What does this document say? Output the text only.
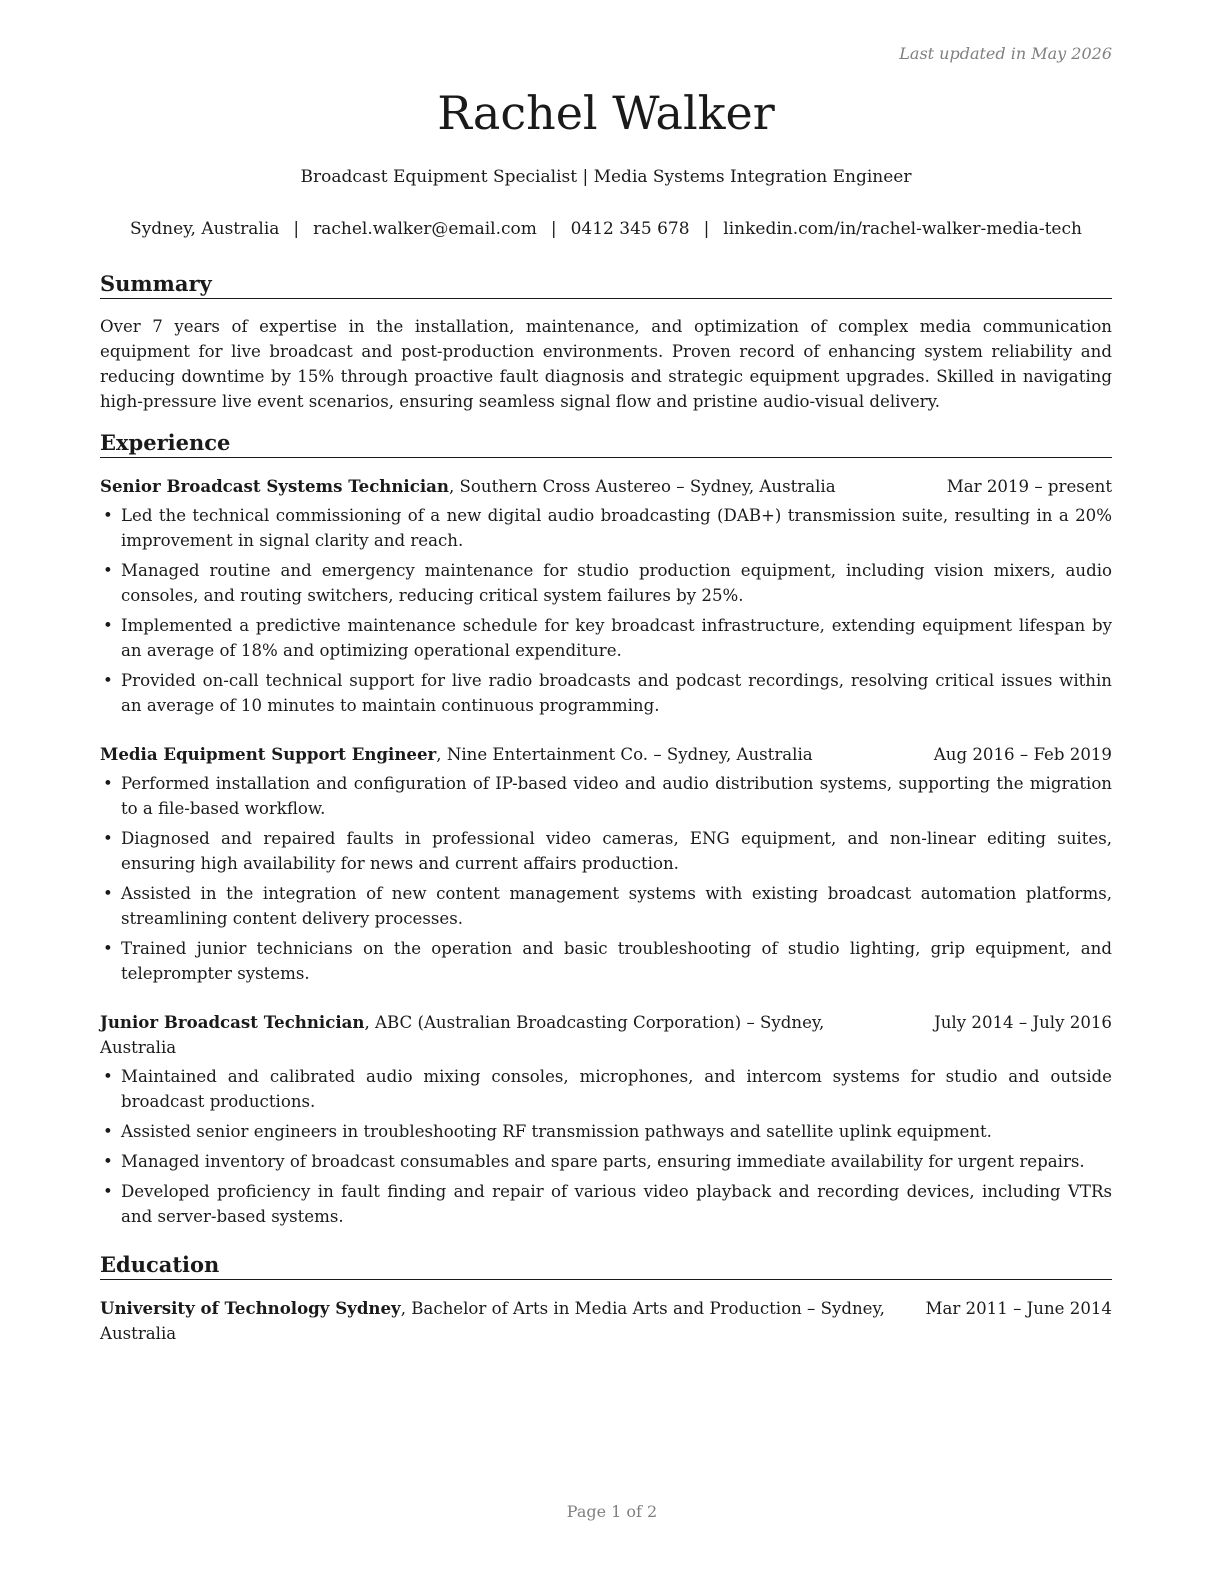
Last updated in May 2026
Rachel Walker
Broadcast Equipment Specialist | Media Systems Integration Engineer
Sydney, Australia | rachel.walker@email.com | 0412 345 678 | linkedin.com/in/rachel-walker-media-tech
Summary
Over 7 years of expertise in the installation, maintenance, and optimization of complex media communication equipment for live broadcast and post-production environments. Proven record of enhancing system reliability and reducing downtime by 15% through proactive fault diagnosis and strategic equipment upgrades. Skilled in navigating high-pressure live event scenarios, ensuring seamless signal flow and pristine audio-visual delivery.
Experience
Senior Broadcast Systems Technician, Southern Cross Austereo – Sydney, Australia	Mar 2019 – present
• Led the technical commissioning of a new digital audio broadcasting (DAB+) transmission suite, resulting in a 20% improvement in signal clarity and reach.
• Managed routine and emergency maintenance for studio production equipment, including vision mixers, audio consoles, and routing switchers, reducing critical system failures by 25%.
• Implemented a predictive maintenance schedule for key broadcast infrastructure, extending equipment lifespan by an average of 18% and optimizing operational expenditure.
• Provided on-call technical support for live radio broadcasts and podcast recordings, resolving critical issues within an average of 10 minutes to maintain continuous programming.
Media Equipment Support Engineer, Nine Entertainment Co. – Sydney, Australia	Aug 2016 – Feb 2019
• Performed installation and configuration of IP-based video and audio distribution systems, supporting the migration to a file-based workflow.
• Diagnosed and repaired faults in professional video cameras, ENG equipment, and non-linear editing suites, ensuring high availability for news and current affairs production.
• Assisted in the integration of new content management systems with existing broadcast automation platforms, streamlining content delivery processes.
• Trained junior technicians on the operation and basic troubleshooting of studio lighting, grip equipment, and teleprompter systems.
Junior Broadcast Technician, ABC (Australian Broadcasting Corporation) – Sydney, Australia
July 2014 – July 2016
• Maintained and calibrated audio mixing consoles, microphones, and intercom systems for studio and outside broadcast productions.
• Assisted senior engineers in troubleshooting RF transmission pathways and satellite uplink equipment.
• Managed inventory of broadcast consumables and spare parts, ensuring immediate availability for urgent repairs.
• Developed proficiency in fault finding and repair of various video playback and recording devices, including VTRs and server-based systems.
Education
University of Technology Sydney, Bachelor of Arts in Media Arts and Production – Sydney, Australia
Mar 2011 – June 2014
Page 1 of 2
